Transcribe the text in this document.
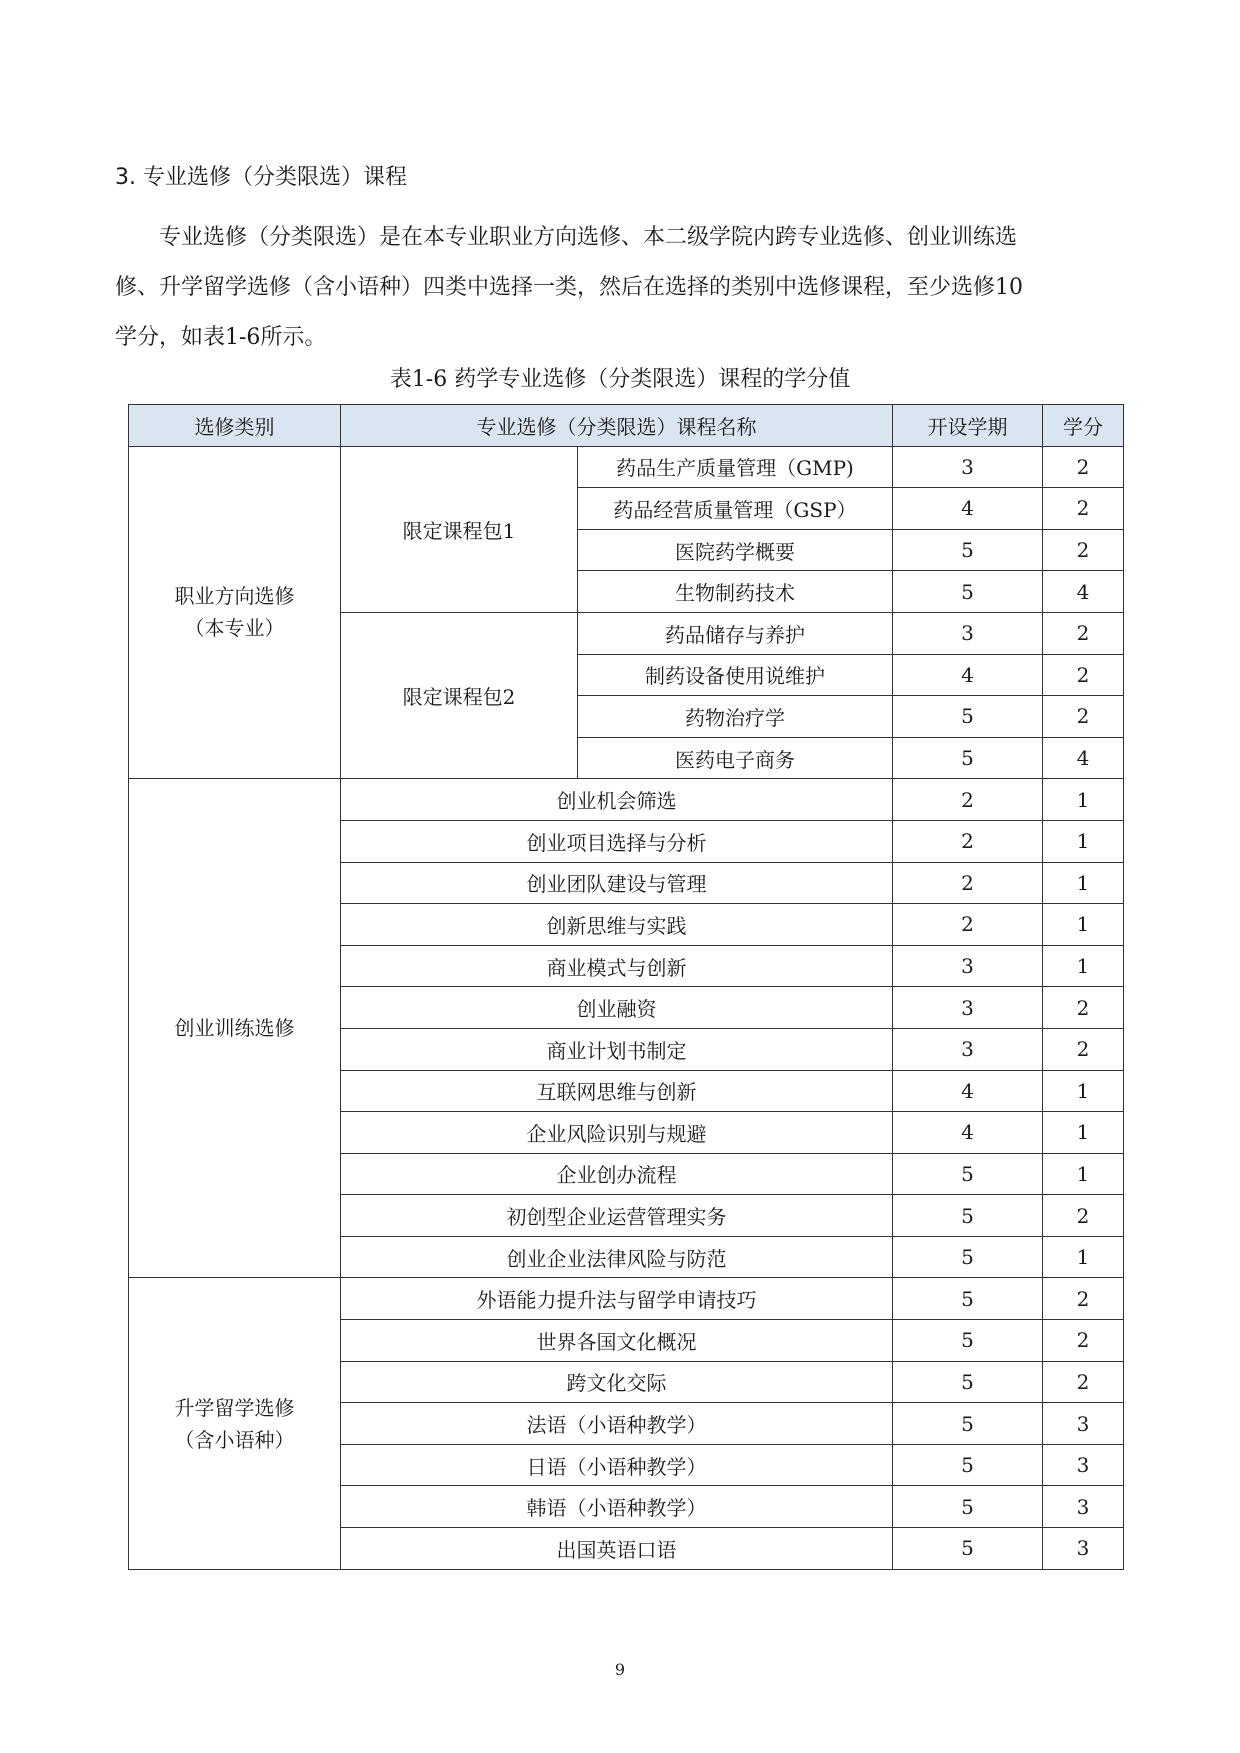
3. 专业选修（分类限选）课程

专业选修（分类限选）是在本专业职业方向选修、本二级学院内跨专业选修、创业训练选
修、升学留学选修（含小语种）四类中选择一类，然后在选择的类别中选修课程，至少选修10
学分，如表1-6所示。

表1-6 药学专业选修（分类限选）课程的学分值
选修类别	专业选修（分类限选）课程名称		开设学期	学分
职业方向选修
（本专业）	限定课程包1	药品生产质量管理（GMP)	3	2
		药品经营质量管理（GSP）	4	2
		医院药学概要	5	2
		生物制药技术	5	4
	限定课程包2	药品储存与养护	3	2
		制药设备使用说维护	4	2
		药物治疗学	5	2
		医药电子商务	5	4
创业训练选修	创业机会筛选		2	1
	创业项目选择与分析		2	1
	创业团队建设与管理		2	1
	创新思维与实践		2	1
	商业模式与创新		3	1
	创业融资		3	2
	商业计划书制定		3	2
	互联网思维与创新		4	1
	企业风险识别与规避		4	1
	企业创办流程		5	1
	初创型企业运营管理实务		5	2
	创业企业法律风险与防范		5	1
升学留学选修
（含小语种）	外语能力提升法与留学申请技巧		5	2
	世界各国文化概况		5	2
	跨文化交际		5	2
	法语（小语种教学）		5	3
	日语（小语种教学）		5	3
	韩语（小语种教学）		5	3
	出国英语口语		5	3
9
